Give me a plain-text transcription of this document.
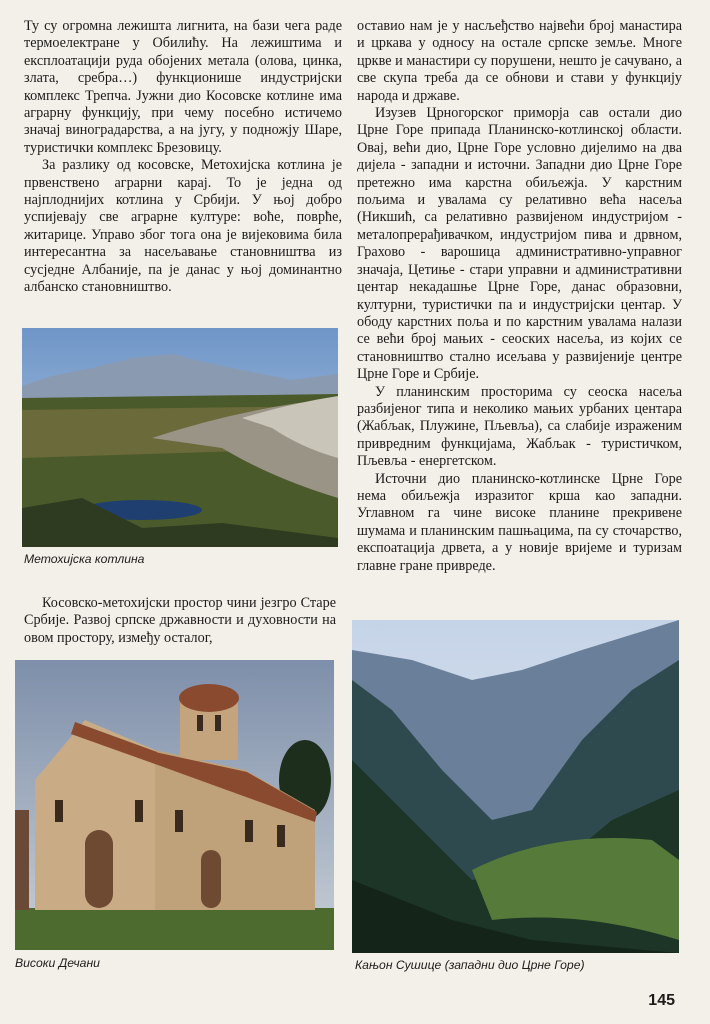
Ту су огромна лежишта лигнита, на бази чега раде термоелектране у Обилићу. На лежиштима и експлоатацији руда обојених метала (олова, цинка, злата, сребра…) функционише индустријски комплекс Трепча. Јужни дио Косовске котлине има аграрну функцију, при чему посебно истичемо значај виноградарства, а на југу, у подножју Шаре, туристички комплекс Брезовицу.

За разлику од косовске, Метохијска котлина је првенствено аграрни карај. То је једна од најплоднијих котлина у Србији. У њој добро успијевају све аграрне културе: воће, поврће, житарице. Управо због тога она је вијековима била интересантна за насељавање становништва из сусједне Албаније, па је данас у њој доминантно албанско становништво.

Метохијска котлина

Косовско-метохијски простор чини језгро Старе Србије. Развој српске државности и духовности на овом простору, између осталог,

Високи Дечани

оставио нам је у насљеђство највећи број манастира и цркава у односу на остале српске земље. Многе цркве и манастири су порушени, нешто је сачувано, а све скупа треба да се обнови и стави у функцију народа и државе.

Изузев Црногорског приморја сав остали дио Црне Горе припада Планинско-котлинској области. Овај, већи дио, Црне Горе условно дијелимо на два дијела - западни и источни. Западни дио Црне Горе претежно има карстна обиљежја. У карстним пољима и увалама су релативно већа насеља (Никшић, са релативно развијеном индустријом - металопрерађивачком, индустријом пива и дрвном, Грахово - варошица административно-управног значаја, Цетиње - стари управни и административни центар некадашње Црне Горе, данас образовни, културни, туристички па и индустријски центар. У ободу карстних поља и по карстним увалама налази се већи број мањих - сеоских насеља, из којих се становништво стално исељава у развијеније центре Црне Горе и Србије.

У планинским просторима су сеоска насеља разбијеног типа и неколико мањих урбаних центара (Жабљак, Плужине, Пљевља), са слабије израженим привредним функцијама, Жабљак - туристичком, Пљевља - енергетском.

Источни дио планинско-котлинске Црне Горе нема обиљежја изразитог крша као западни. Углавном га чине високе планине прекривене шумама и планинским пашњацима, па су сточарство, експоатација дрвета, а у новије вријеме и туризам главне гране привреде.

Кањон Сушице (западни дио Црне Горе)
145
